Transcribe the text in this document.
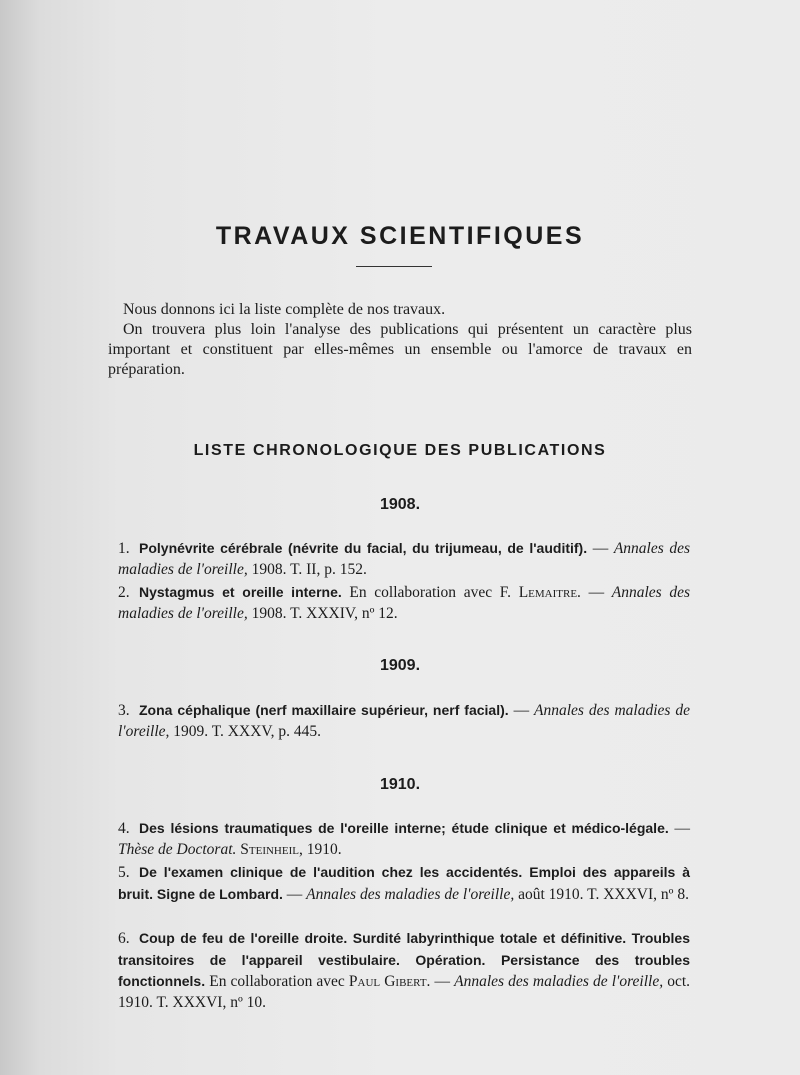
TRAVAUX SCIENTIFIQUES

Nous donnons ici la liste complète de nos travaux.

On trouvera plus loin l'analyse des publications qui présentent un caractère plus important et constituent par elles-mêmes un ensemble ou l'amorce de travaux en préparation.

LISTE CHRONOLOGIQUE DES PUBLICATIONS
1908.
1. Polynévrite cérébrale (névrite du facial, du trijumeau, de l'auditif). — Annales des maladies de l'oreille, 1908. T. II, p. 152.
2. Nystagmus et oreille interne. En collaboration avec F. Lemaitre. — Annales des maladies de l'oreille, 1908. T. XXXIV, nº 12.
1909.
3. Zona céphalique (nerf maxillaire supérieur, nerf facial). — Annales des maladies de l'oreille, 1909. T. XXXV, p. 445.
1910.
4. Des lésions traumatiques de l'oreille interne; étude clinique et médico-légale. — Thèse de Doctorat. Steinheil, 1910.
5. De l'examen clinique de l'audition chez les accidentés. Emploi des appareils à bruit. Signe de Lombard. — Annales des maladies de l'oreille, août 1910. T. XXXVI, nº 8.
6. Coup de feu de l'oreille droite. Surdité labyrinthique totale et définitive. Troubles transitoires de l'appareil vestibulaire. Opération. Persistance des troubles fonctionnels. En collaboration avec Paul Gibert. — Annales des maladies de l'oreille, oct. 1910. T. XXXVI, nº 10.
